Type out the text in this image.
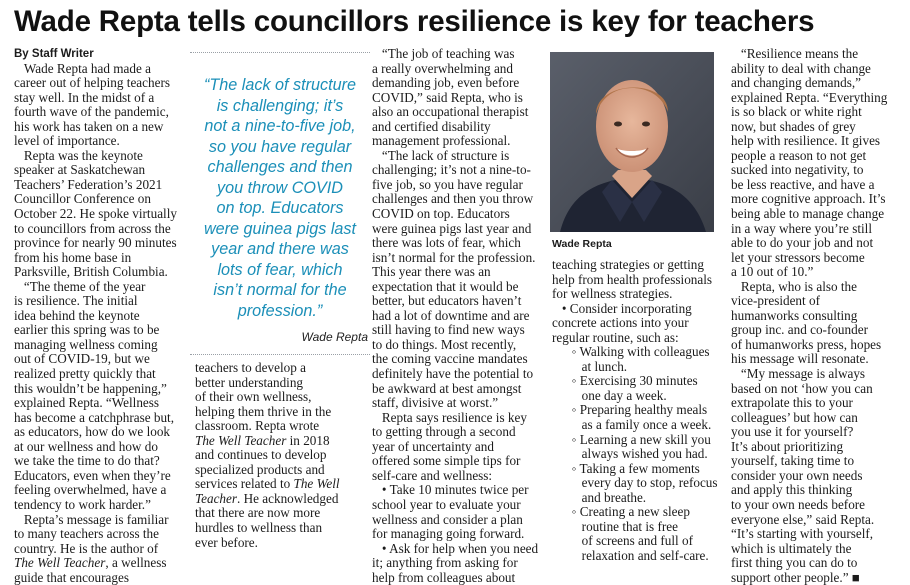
Wade Repta tells councillors resilience is key for teachers
By Staff Writer
Wade Repta had made a
career out of helping teachers
stay well. In the midst of a
fourth wave of the pandemic,
his work has taken on a new
level of importance.
Repta was the keynote
speaker at Saskatchewan
Teachers’ Federation’s 2021
Councillor Conference on
October 22. He spoke virtually
to councillors from across the
province for nearly 90 minutes
from his home base in
Parksville, British Columbia.
“The theme of the year
is resilience. The initial
idea behind the keynote
earlier this spring was to be
managing wellness coming
out of COVID-19, but we
realized pretty quickly that
this wouldn’t be happening,”
explained Repta. “Wellness
has become a catchphrase but,
as educators, how do we look
at our wellness and how do
we take the time to do that?
Educators, even when they’re
feeling overwhelmed, have a
tendency to work harder.”
Repta’s message is familiar
to many teachers across the
country. He is the author of
The Well Teacher, a wellness
guide that encourages
“The lack of structure
is challenging; it’s
not a nine-to-five job,
so you have regular
challenges and then
you throw COVID
on top. Educators
were guinea pigs last
year and there was
lots of fear, which
isn’t normal for the
profession.”
Wade Repta
teachers to develop a
better understanding
of their own wellness,
helping them thrive in the
classroom. Repta wrote
The Well Teacher in 2018
and continues to develop
specialized products and
services related to The Well
Teacher. He acknowledged
that there are now more
hurdles to wellness than
ever before.
“The job of teaching was
a really overwhelming and
demanding job, even before
COVID,” said Repta, who is
also an occupational therapist
and certified disability
management professional.
“The lack of structure is
challenging; it’s not a nine-to-
five job, so you have regular
challenges and then you throw
COVID on top. Educators
were guinea pigs last year and
there was lots of fear, which
isn’t normal for the profession.
This year there was an
expectation that it would be
better, but educators haven’t
had a lot of downtime and are
still having to find new ways
to do things. Most recently,
the coming vaccine mandates
definitely have the potential to
be awkward at best amongst
staff, divisive at worst.”
Repta says resilience is key
to getting through a second
year of uncertainty and
offered some simple tips for
self-care and wellness:
• Take 10 minutes twice per
school year to evaluate your
wellness and consider a plan
for managing going forward.
• Ask for help when you need
it; anything from asking for
help from colleagues about
Wade Repta
teaching strategies or getting
help from health professionals
for wellness strategies.
• Consider incorporating
concrete actions into your
regular routine, such as:
◦ Walking with colleagues
at lunch.
◦ Exercising 30 minutes
one day a week.
◦ Preparing healthy meals
as a family once a week.
◦ Learning a new skill you
always wished you had.
◦ Taking a few moments
every day to stop, refocus
and breathe.
◦ Creating a new sleep
routine that is free
of screens and full of
relaxation and self-care.
“Resilience means the
ability to deal with change
and changing demands,”
explained Repta. “Everything
is so black or white right
now, but shades of grey
help with resilience. It gives
people a reason to not get
sucked into negativity, to
be less reactive, and have a
more cognitive approach. It’s
being able to manage change
in a way where you’re still
able to do your job and not
let your stressors become
a 10 out of 10.”
Repta, who is also the
vice-president of
humanworks consulting
group inc. and co-founder
of humanworks press, hopes
his message will resonate.
“My message is always
based on not ‘how you can
extrapolate this to your
colleagues’ but how can
you use it for yourself?
It’s about prioritizing
yourself, taking time to
consider your own needs
and apply this thinking
to your own needs before
everyone else,” said Repta.
“It’s starting with yourself,
which is ultimately the
first thing you can do to
support other people.” ■
